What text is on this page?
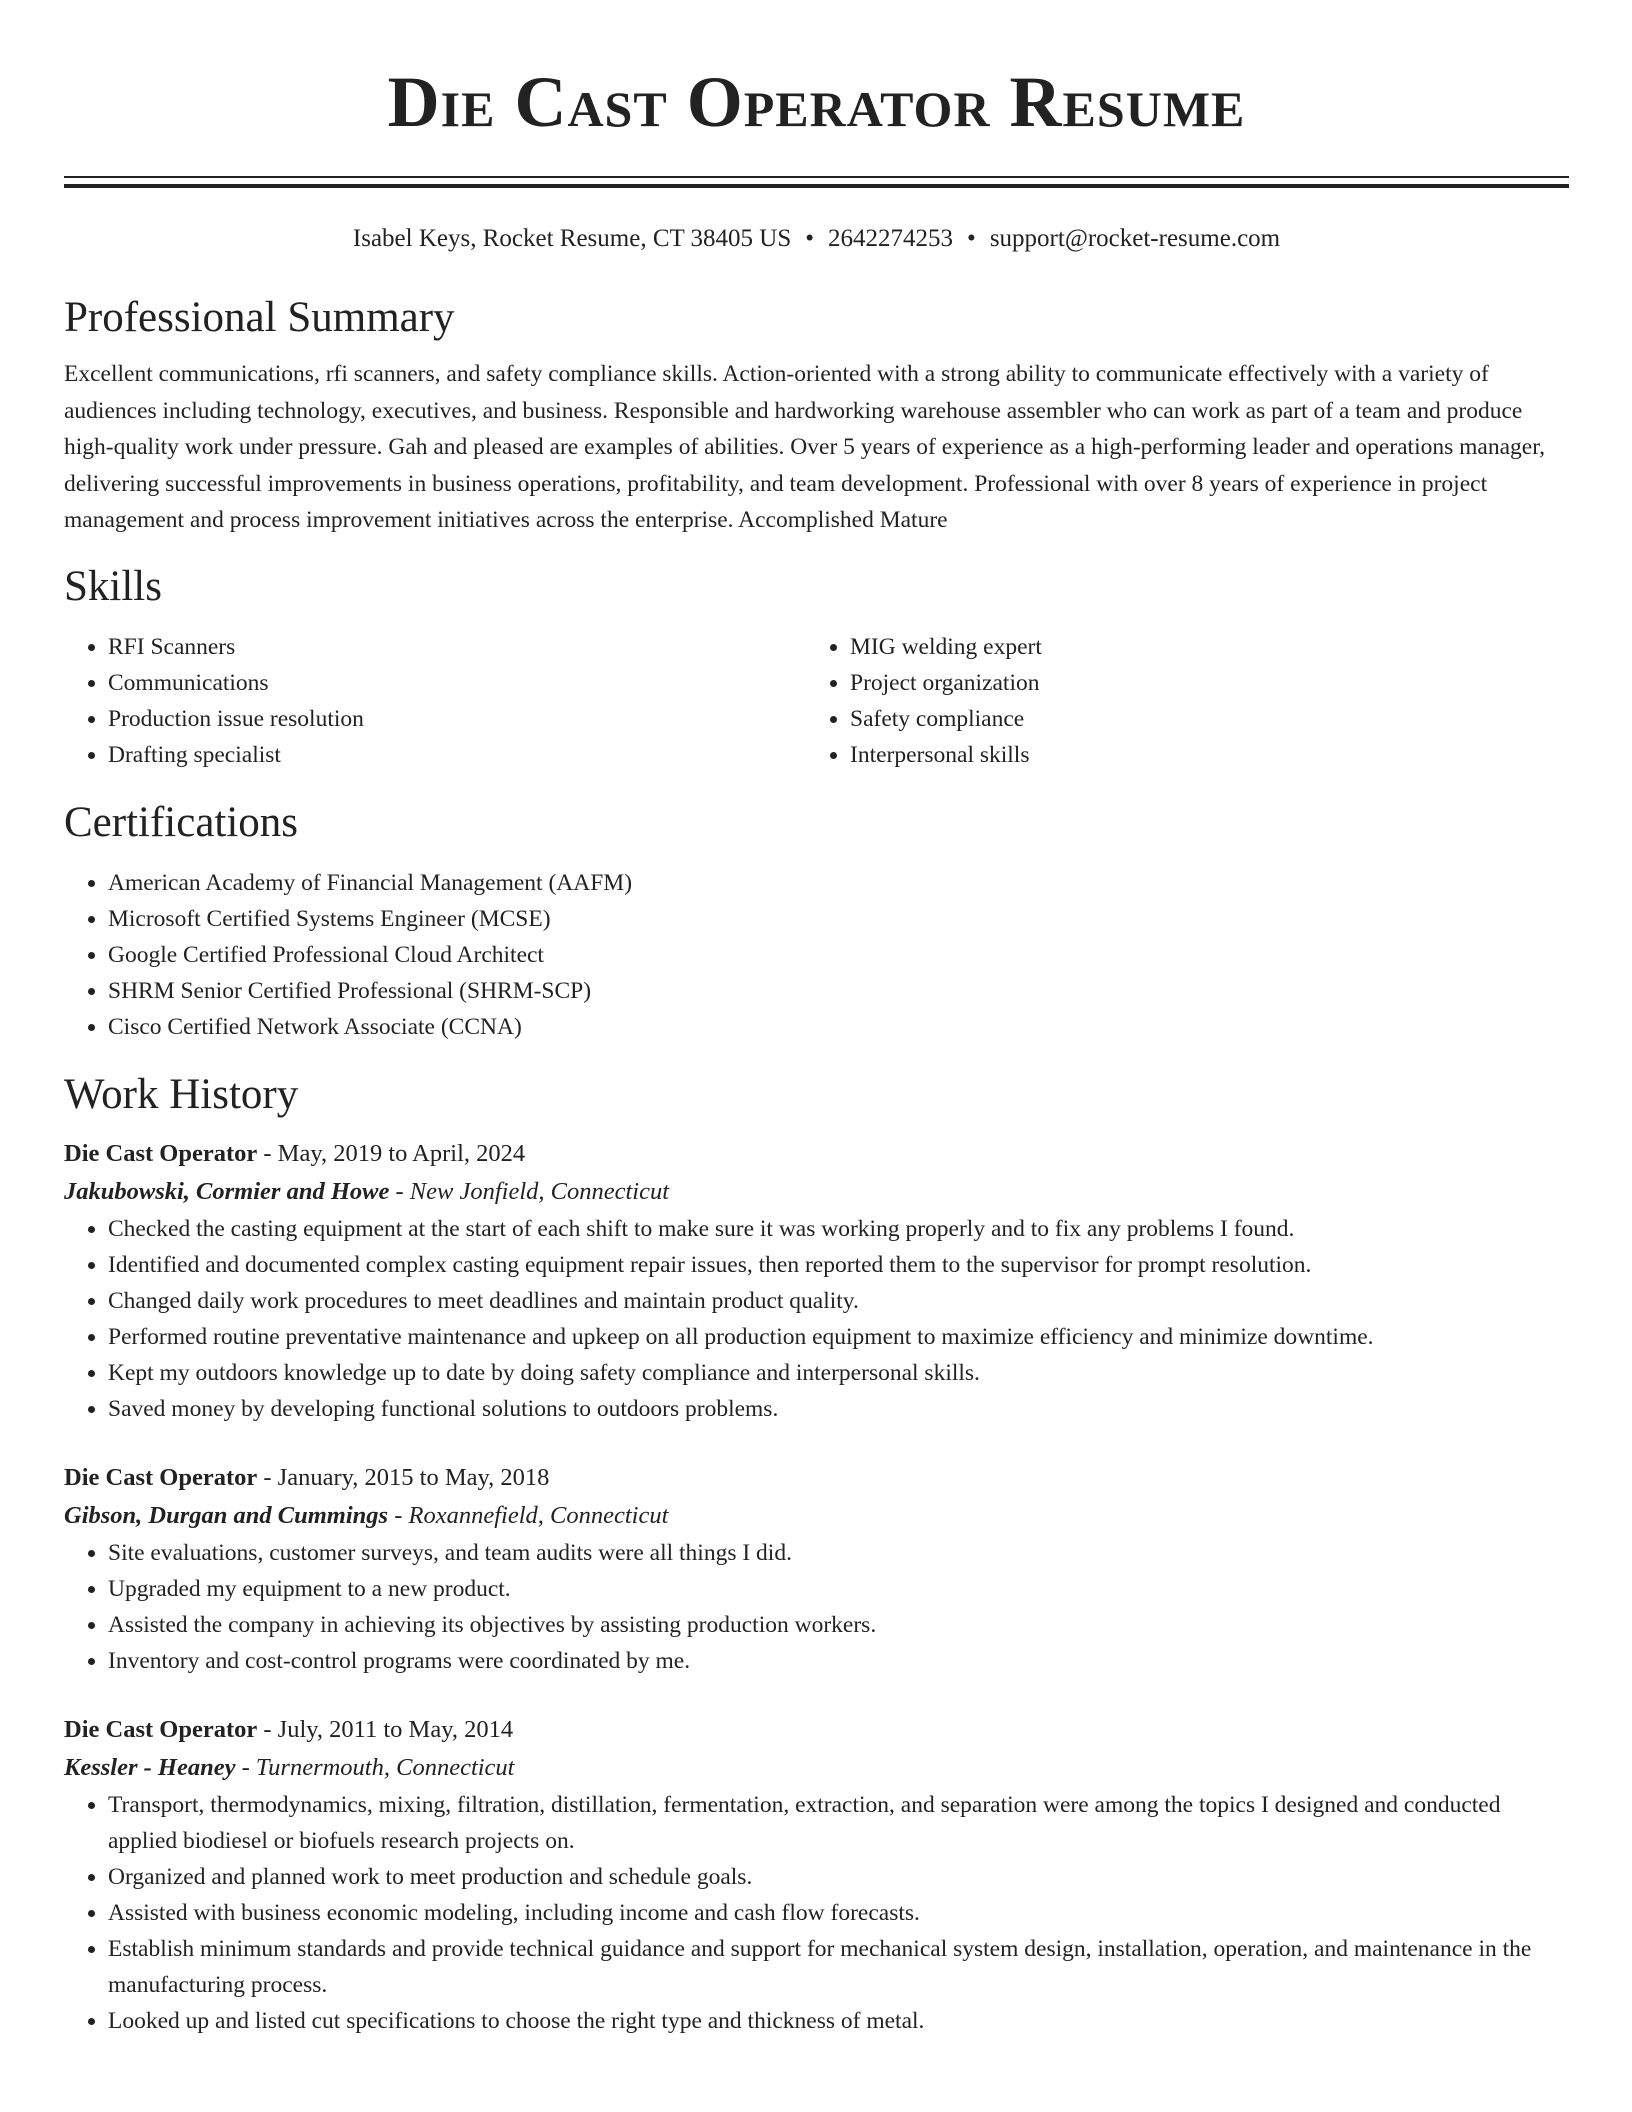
Die Cast Operator Resume
Isabel Keys, Rocket Resume, CT 38405 US • 2642274253 • support@rocket-resume.com
Professional Summary

Excellent communications, rfi scanners, and safety compliance skills. Action-oriented with a strong ability to communicate effectively with a variety of audiences including technology, executives, and business. Responsible and hardworking warehouse assembler who can work as part of a team and produce high-quality work under pressure. Gah and pleased are examples of abilities. Over 5 years of experience as a high-performing leader and operations manager, delivering successful improvements in business operations, profitability, and team development. Professional with over 8 years of experience in project management and process improvement initiatives across the enterprise. Accomplished Mature

Skills
• RFI Scanners
• Communications
• Production issue resolution
• Drafting specialist
• MIG welding expert
• Project organization
• Safety compliance
• Interpersonal skills
Certifications
• American Academy of Financial Management (AAFM)
• Microsoft Certified Systems Engineer (MCSE)
• Google Certified Professional Cloud Architect
• SHRM Senior Certified Professional (SHRM-SCP)
• Cisco Certified Network Associate (CCNA)
Work History
Die Cast Operator - May, 2019 to April, 2024
Jakubowski, Cormier and Howe - New Jonfield, Connecticut
• Checked the casting equipment at the start of each shift to make sure it was working properly and to fix any problems I found.
• Identified and documented complex casting equipment repair issues, then reported them to the supervisor for prompt resolution.
• Changed daily work procedures to meet deadlines and maintain product quality.
• Performed routine preventative maintenance and upkeep on all production equipment to maximize efficiency and minimize downtime.
• Kept my outdoors knowledge up to date by doing safety compliance and interpersonal skills.
• Saved money by developing functional solutions to outdoors problems.
Die Cast Operator - January, 2015 to May, 2018
Gibson, Durgan and Cummings - Roxannefield, Connecticut
• Site evaluations, customer surveys, and team audits were all things I did.
• Upgraded my equipment to a new product.
• Assisted the company in achieving its objectives by assisting production workers.
• Inventory and cost-control programs were coordinated by me.
Die Cast Operator - July, 2011 to May, 2014
Kessler - Heaney - Turnermouth, Connecticut
• Transport, thermodynamics, mixing, filtration, distillation, fermentation, extraction, and separation were among the topics I designed and conducted applied biodiesel or biofuels research projects on.
• Organized and planned work to meet production and schedule goals.
• Assisted with business economic modeling, including income and cash flow forecasts.
• Establish minimum standards and provide technical guidance and support for mechanical system design, installation, operation, and maintenance in the manufacturing process.
• Looked up and listed cut specifications to choose the right type and thickness of metal.
